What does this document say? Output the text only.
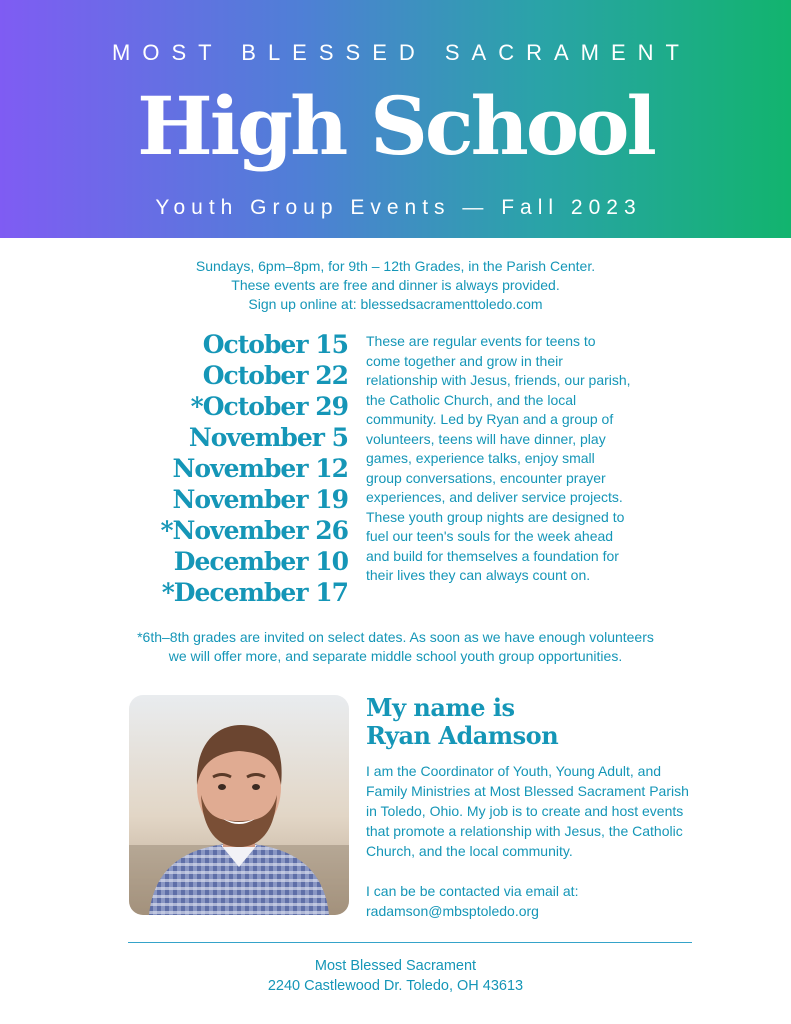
MOST BLESSED SACRAMENT
High School
Youth Group Events — Fall 2023
Sundays, 6pm–8pm, for 9th – 12th Grades, in the Parish Center.
These events are free and dinner is always provided.
Sign up online at: blessedsacramenttoledo.com
October 15
October 22
*October 29
November 5
November 12
November 19
*November 26
December 10
*December 17
These are regular events for teens to come together and grow in their relationship with Jesus, friends, our parish, the Catholic Church, and the local community. Led by Ryan and a group of volunteers, teens will have dinner, play games, experience talks, enjoy small group conversations, encounter prayer experiences, and deliver service projects. These youth group nights are designed to fuel our teen's souls for the week ahead and build for themselves a foundation for their lives they can always count on.
*6th–8th grades are invited on select dates. As soon as we have enough volunteers
we will offer more, and separate middle school youth group opportunities.
My name is
Ryan Adamson

I am the Coordinator of Youth, Young Adult, and Family Ministries at Most Blessed Sacrament Parish in Toledo, Ohio. My job is to create and host events that promote a relationship with Jesus, the Catholic Church, and the local community.

I can be be contacted via email at:

radamson@mbsptoledo.org

Most Blessed Sacrament
2240 Castlewood Dr. Toledo, OH 43613
